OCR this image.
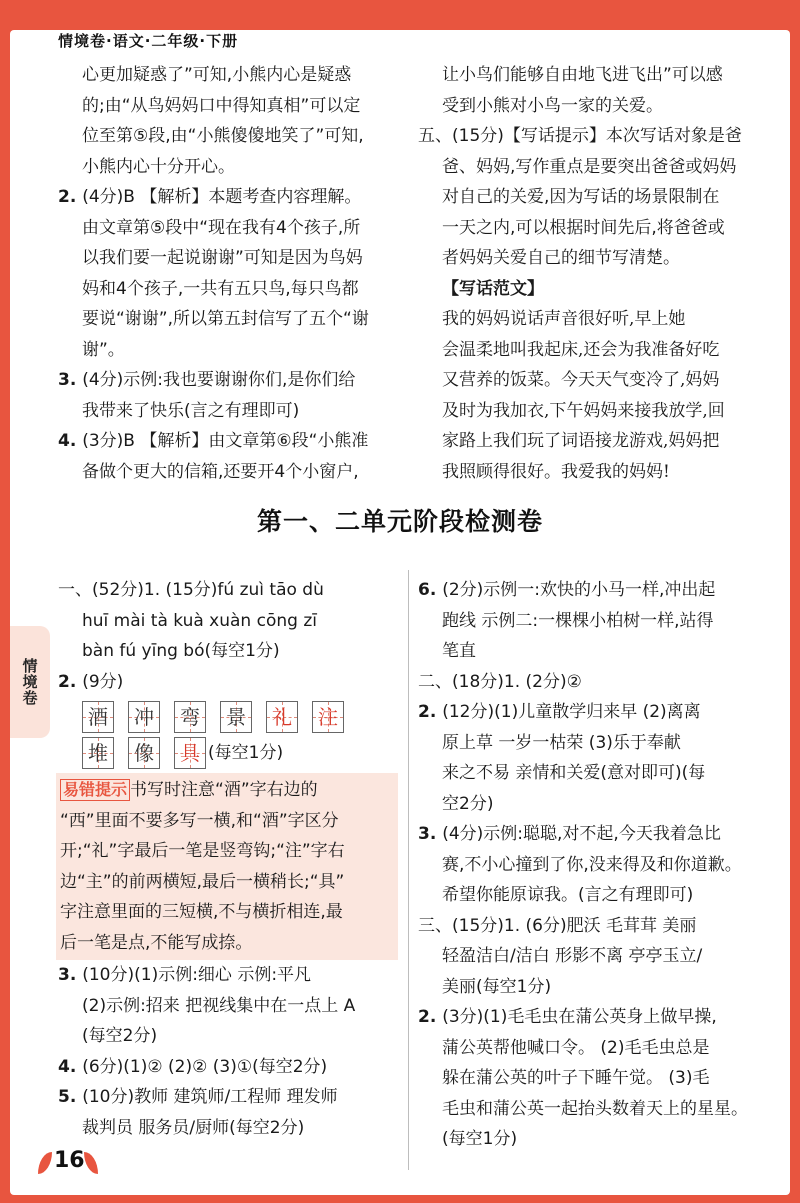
情境卷·语文·二年级·下册

心更加疑惑了”可知,小熊内心是疑惑

的;由“从鸟妈妈口中得知真相”可以定

位至第⑤段,由“小熊傻傻地笑了”可知,

小熊内心十分开心。

2. (4分)B 【解析】本题考查内容理解。

由文章第⑤段中“现在我有4个孩子,所

以我们要一起说谢谢”可知是因为鸟妈

妈和4个孩子,一共有五只鸟,每只鸟都

要说“谢谢”,所以第五封信写了五个“谢

谢”。

3. (4分)示例:我也要谢谢你们,是你们给

我带来了快乐(言之有理即可)

4. (3分)B 【解析】由文章第⑥段“小熊准

备做个更大的信箱,还要开4个小窗户,

让小鸟们能够自由地飞进飞出”可以感

受到小熊对小鸟一家的关爱。

五、(15分)【写话提示】本次写话对象是爸

爸、妈妈,写作重点是要突出爸爸或妈妈

对自己的关爱,因为写话的场景限制在

一天之内,可以根据时间先后,将爸爸或

者妈妈关爱自己的细节写清楚。

【写话范文】

我的妈妈说话声音很好听,早上她

会温柔地叫我起床,还会为我准备好吃

又营养的饭菜。今天天气变冷了,妈妈

及时为我加衣,下午妈妈来接我放学,回

家路上我们玩了词语接龙游戏,妈妈把

我照顾得很好。我爱我的妈妈!

第一、二单元阶段检测卷
情境卷

一、(52分)1. (15分)fú zuì tāo dù

huī mài tà kuà xuàn cōng zī

bàn fú yīng bó(每空1分)

2. (9分)

酒 冲 弯 景 礼 注
堆 像 具 (每空1分)

易错提示 书写时注意“酒”字右边的

“西”里面不要多写一横,和“酒”字区分

开;“礼”字最后一笔是竖弯钩;“注”字右

边“主”的前两横短,最后一横稍长;“具”

字注意里面的三短横,不与横折相连,最

后一笔是点,不能写成捺。

3. (10分)(1)示例:细心 示例:平凡

(2)示例:招来 把视线集中在一点上 A

(每空2分)

4. (6分)(1)② (2)② (3)①(每空2分)

5. (10分)教师 建筑师/工程师 理发师

裁判员 服务员/厨师(每空2分)

6. (2分)示例一:欢快的小马一样,冲出起

跑线 示例二:一棵棵小柏树一样,站得

笔直

二、(18分)1. (2分)②

2. (12分)(1)儿童散学归来早 (2)离离

原上草 一岁一枯荣 (3)乐于奉献

来之不易 亲情和关爱(意对即可)(每

空2分)

3. (4分)示例:聪聪,对不起,今天我着急比

赛,不小心撞到了你,没来得及和你道歉。

希望你能原谅我。(言之有理即可)

三、(15分)1. (6分)肥沃 毛茸茸 美丽

轻盈洁白/洁白 形影不离 亭亭玉立/

美丽(每空1分)

2. (3分)(1)毛毛虫在蒲公英身上做早操,

蒲公英帮他喊口令。 (2)毛毛虫总是

躲在蒲公英的叶子下睡午觉。 (3)毛

毛虫和蒲公英一起抬头数着天上的星星。

(每空1分)

16
